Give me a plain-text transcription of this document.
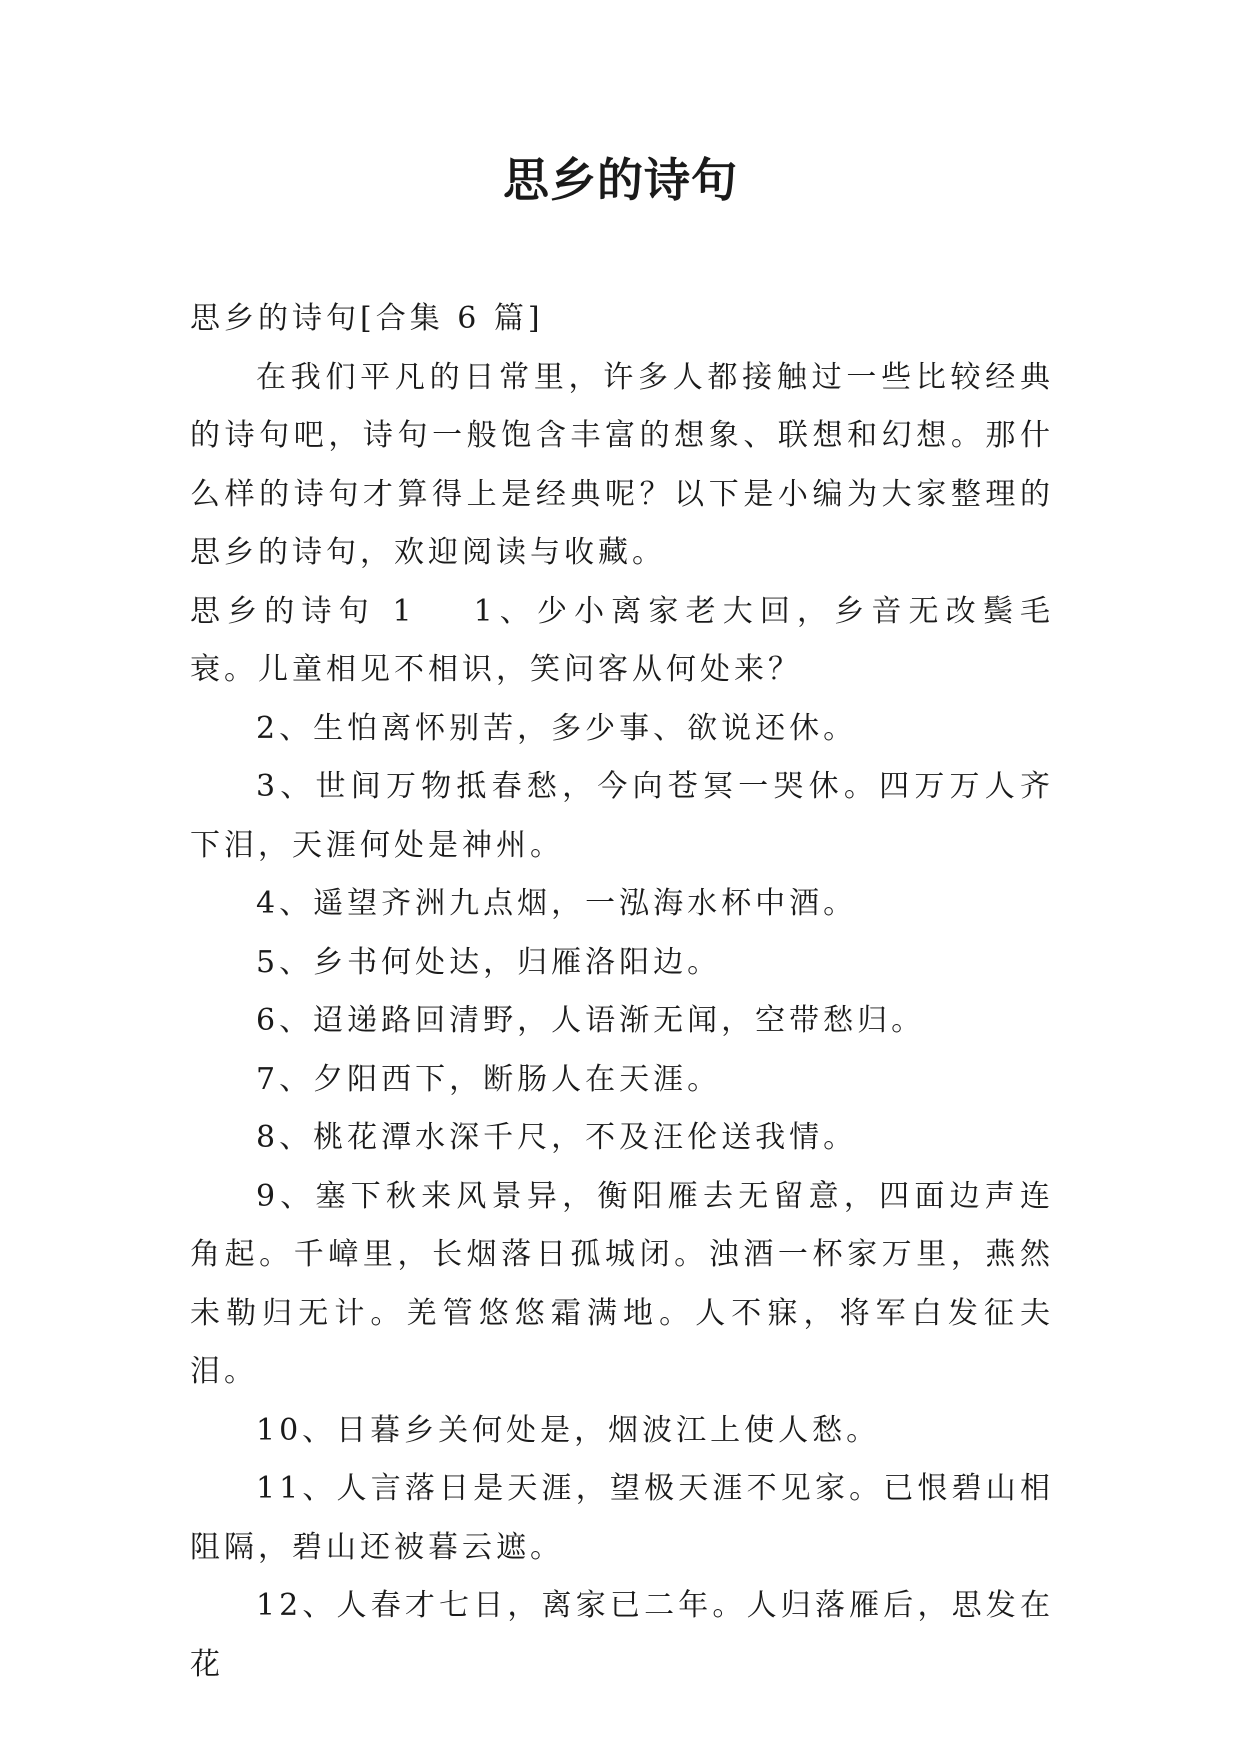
思乡的诗句

思乡的诗句[合集 6 篇]

在我们平凡的日常里，许多人都接触过一些比较经典的诗句吧，诗句一般饱含丰富的想象、联想和幻想。那什么样的诗句才算得上是经典呢？以下是小编为大家整理的思乡的诗句，欢迎阅读与收藏。

思乡的诗句 1 1、少小离家老大回，乡音无改鬓毛衰。儿童相见不相识，笑问客从何处来？

2、生怕离怀别苦，多少事、欲说还休。

3、世间万物抵春愁，今向苍冥一哭休。四万万人齐下泪，天涯何处是神州。

4、遥望齐洲九点烟，一泓海水杯中酒。

5、乡书何处达，归雁洛阳边。

6、迢递路回清野，人语渐无闻，空带愁归。

7、夕阳西下，断肠人在天涯。

8、桃花潭水深千尺，不及汪伦送我情。

9、塞下秋来风景异，衡阳雁去无留意，四面边声连角起。千嶂里，长烟落日孤城闭。浊酒一杯家万里，燕然未勒归无计。羌管悠悠霜满地。人不寐，将军白发征夫泪。

10、日暮乡关何处是，烟波江上使人愁。

11、人言落日是天涯，望极天涯不见家。已恨碧山相阻隔，碧山还被暮云遮。

12、人春才七日，离家已二年。人归落雁后，思发在花
